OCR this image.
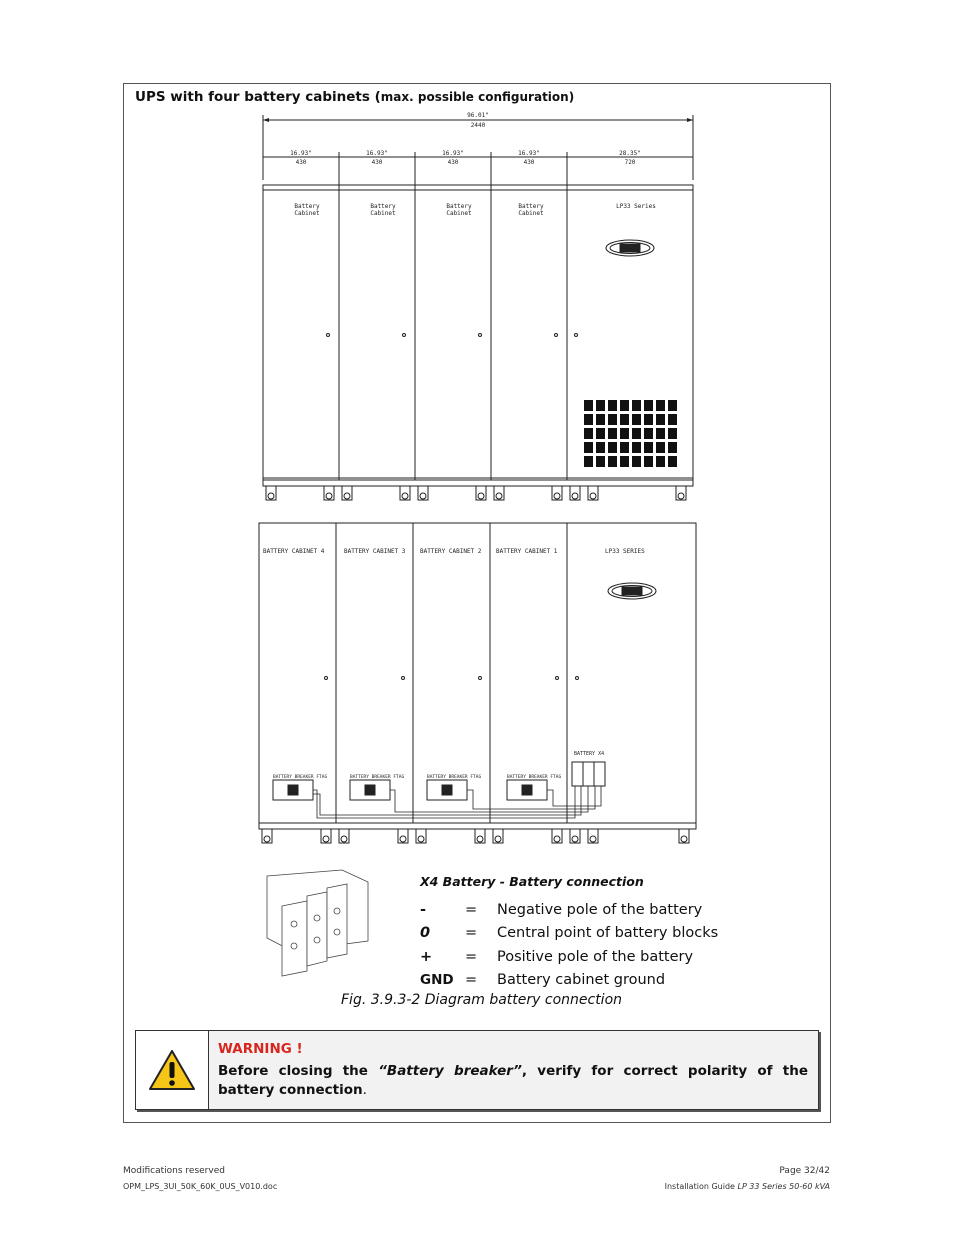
UPS with four battery cabinets (max. possible configuration)
96.01"
2440
16.93"
430
16.93"
430
16.93"
430
16.93"
430
28.35"
720
Battery
Cabinet
Battery
Cabinet
Battery
Cabinet
Battery
Cabinet
LP33 Series
BATTERY CABINET 4	BATTERY CABINET 3 BATTERY CABINET 2 BATTERY CABINET 1	LP33 SERIES
BATTERY BREAKER FTAG	BATTERY BREAKER FTAG	BATTERY BREAKER FTAG	BATTERY BREAKER FTAG
BATTERY X4
X4 Battery - Battery connection
-	=	Negative pole of the battery
0	=	Central point of battery blocks
+	=	Positive pole of the battery
GND =	Battery cabinet ground
Fig. 3.9.3-2 Diagram battery connection
WARNING !
Before closing the “Battery breaker”, verify for correct polarity of the battery connection.
Modifications reserved
OPM_LPS_3UI_50K_60K_0US_V010.doc
Page 32/42
Installation Guide LP 33 Series 50-60 kVA
